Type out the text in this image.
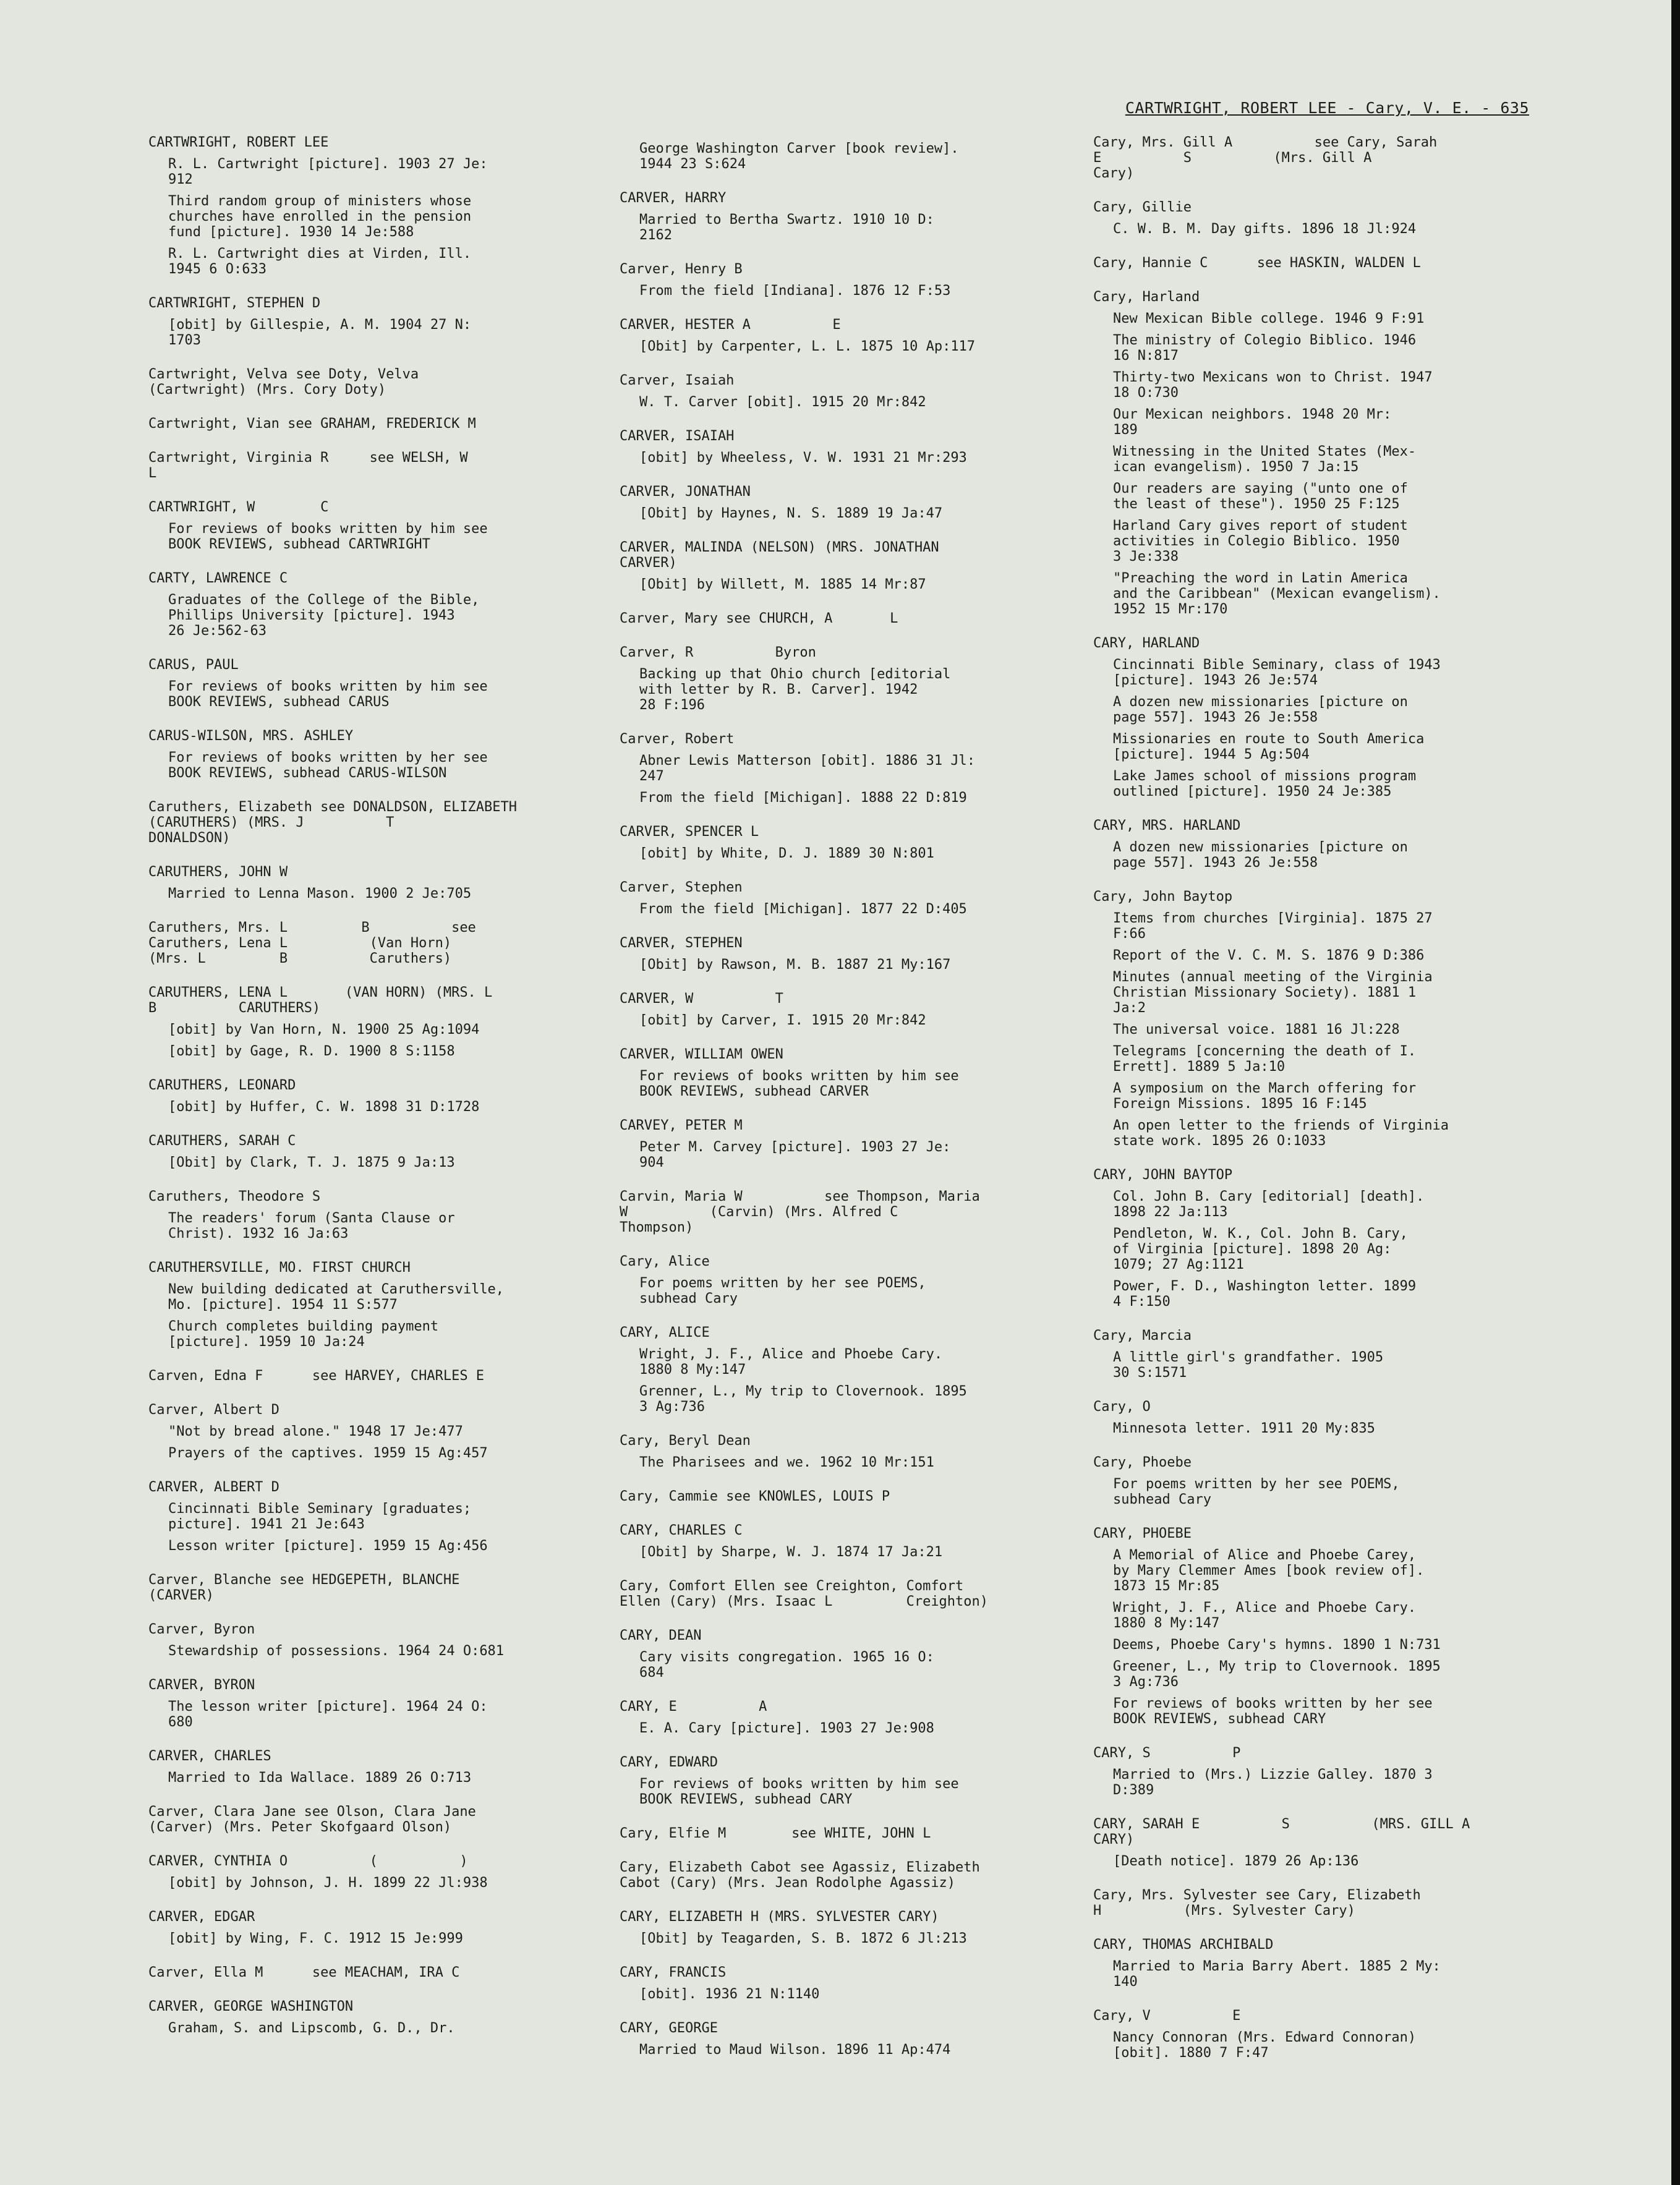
CARTWRIGHT, ROBERT LEE - Cary, V. E. - 635
CARTWRIGHT, ROBERT LEE
R. L. Cartwright [picture]. 1903 27 Je:
912
Third random group of ministers whose
churches have enrolled in the pension
fund [picture]. 1930 14 Je:588
R. L. Cartwright dies at Virden, Ill.
1945 6 O:633
CARTWRIGHT, STEPHEN D
[obit] by Gillespie, A. M. 1904 27 N:
1703
Cartwright, Velva see Doty, Velva
(Cartwright) (Mrs. Cory Doty)
Cartwright, Vian see GRAHAM, FREDERICK M
Cartwright, Virginia R     see WELSH, W
L
CARTWRIGHT, W        C
For reviews of books written by him see
BOOK REVIEWS, subhead CARTWRIGHT
CARTY, LAWRENCE C
Graduates of the College of the Bible,
Phillips University [picture]. 1943
26 Je:562-63
CARUS, PAUL
For reviews of books written by him see
BOOK REVIEWS, subhead CARUS
CARUS-WILSON, MRS. ASHLEY
For reviews of books written by her see
BOOK REVIEWS, subhead CARUS-WILSON
Caruthers, Elizabeth see DONALDSON, ELIZABETH
(CARUTHERS) (MRS. J          T
DONALDSON)
CARUTHERS, JOHN W
Married to Lenna Mason. 1900 2 Je:705
Caruthers, Mrs. L         B          see
Caruthers, Lena L          (Van Horn)
(Mrs. L         B          Caruthers)
CARUTHERS, LENA L       (VAN HORN) (MRS. L
B          CARUTHERS)
[obit] by Van Horn, N. 1900 25 Ag:1094
[obit] by Gage, R. D. 1900 8 S:1158
CARUTHERS, LEONARD
[obit] by Huffer, C. W. 1898 31 D:1728
CARUTHERS, SARAH C
[Obit] by Clark, T. J. 1875 9 Ja:13
Caruthers, Theodore S
The readers' forum (Santa Clause or
Christ). 1932 16 Ja:63
CARUTHERSVILLE, MO. FIRST CHURCH
New building dedicated at Caruthersville,
Mo. [picture]. 1954 11 S:577
Church completes building payment
[picture]. 1959 10 Ja:24
Carven, Edna F      see HARVEY, CHARLES E
Carver, Albert D
"Not by bread alone." 1948 17 Je:477
Prayers of the captives. 1959 15 Ag:457
CARVER, ALBERT D
Cincinnati Bible Seminary [graduates;
picture]. 1941 21 Je:643
Lesson writer [picture]. 1959 15 Ag:456
Carver, Blanche see HEDGEPETH, BLANCHE
(CARVER)
Carver, Byron
Stewardship of possessions. 1964 24 O:681
CARVER, BYRON
The lesson writer [picture]. 1964 24 O:
680
CARVER, CHARLES
Married to Ida Wallace. 1889 26 O:713
Carver, Clara Jane see Olson, Clara Jane
(Carver) (Mrs. Peter Skofgaard Olson)
CARVER, CYNTHIA O          (          )
[obit] by Johnson, J. H. 1899 22 Jl:938
CARVER, EDGAR
[obit] by Wing, F. C. 1912 15 Je:999
Carver, Ella M      see MEACHAM, IRA C
CARVER, GEORGE WASHINGTON
Graham, S. and Lipscomb, G. D., Dr.
George Washington Carver [book review].
1944 23 S:624
CARVER, HARRY
Married to Bertha Swartz. 1910 10 D:
2162
Carver, Henry B
From the field [Indiana]. 1876 12 F:53
CARVER, HESTER A          E
[Obit] by Carpenter, L. L. 1875 10 Ap:117
Carver, Isaiah
W. T. Carver [obit]. 1915 20 Mr:842
CARVER, ISAIAH
[obit] by Wheeless, V. W. 1931 21 Mr:293
CARVER, JONATHAN
[Obit] by Haynes, N. S. 1889 19 Ja:47
CARVER, MALINDA (NELSON) (MRS. JONATHAN
CARVER)
[Obit] by Willett, M. 1885 14 Mr:87
Carver, Mary see CHURCH, A       L
Carver, R          Byron
Backing up that Ohio church [editorial
with letter by R. B. Carver]. 1942
28 F:196
Carver, Robert
Abner Lewis Matterson [obit]. 1886 31 Jl:
247
From the field [Michigan]. 1888 22 D:819
CARVER, SPENCER L
[obit] by White, D. J. 1889 30 N:801
Carver, Stephen
From the field [Michigan]. 1877 22 D:405
CARVER, STEPHEN
[Obit] by Rawson, M. B. 1887 21 My:167
CARVER, W          T
[obit] by Carver, I. 1915 20 Mr:842
CARVER, WILLIAM OWEN
For reviews of books written by him see
BOOK REVIEWS, subhead CARVER
CARVEY, PETER M
Peter M. Carvey [picture]. 1903 27 Je:
904
Carvin, Maria W          see Thompson, Maria
W          (Carvin) (Mrs. Alfred C
Thompson)
Cary, Alice
For poems written by her see POEMS,
subhead Cary
CARY, ALICE
Wright, J. F., Alice and Phoebe Cary.
1880 8 My:147
Grenner, L., My trip to Clovernook. 1895
3 Ag:736
Cary, Beryl Dean
The Pharisees and we. 1962 10 Mr:151
Cary, Cammie see KNOWLES, LOUIS P
CARY, CHARLES C
[Obit] by Sharpe, W. J. 1874 17 Ja:21
Cary, Comfort Ellen see Creighton, Comfort
Ellen (Cary) (Mrs. Isaac L         Creighton)
CARY, DEAN
Cary visits congregation. 1965 16 O:
684
CARY, E          A
E. A. Cary [picture]. 1903 27 Je:908
CARY, EDWARD
For reviews of books written by him see
BOOK REVIEWS, subhead CARY
Cary, Elfie M        see WHITE, JOHN L
Cary, Elizabeth Cabot see Agassiz, Elizabeth
Cabot (Cary) (Mrs. Jean Rodolphe Agassiz)
CARY, ELIZABETH H (MRS. SYLVESTER CARY)
[Obit] by Teagarden, S. B. 1872 6 Jl:213
CARY, FRANCIS
[obit]. 1936 21 N:1140
CARY, GEORGE
Married to Maud Wilson. 1896 11 Ap:474
Cary, Mrs. Gill A          see Cary, Sarah
E          S          (Mrs. Gill A
Cary)
Cary, Gillie
C. W. B. M. Day gifts. 1896 18 Jl:924
Cary, Hannie C      see HASKIN, WALDEN L
Cary, Harland
New Mexican Bible college. 1946 9 F:91
The ministry of Colegio Biblico. 1946
16 N:817
Thirty-two Mexicans won to Christ. 1947
18 O:730
Our Mexican neighbors. 1948 20 Mr:
189
Witnessing in the United States (Mex-
ican evangelism). 1950 7 Ja:15
Our readers are saying ("unto one of
the least of these"). 1950 25 F:125
Harland Cary gives report of student
activities in Colegio Biblico. 1950
3 Je:338
"Preaching the word in Latin America
and the Caribbean" (Mexican evangelism).
1952 15 Mr:170
CARY, HARLAND
Cincinnati Bible Seminary, class of 1943
[picture]. 1943 26 Je:574
A dozen new missionaries [picture on
page 557]. 1943 26 Je:558
Missionaries en route to South America
[picture]. 1944 5 Ag:504
Lake James school of missions program
outlined [picture]. 1950 24 Je:385
CARY, MRS. HARLAND
A dozen new missionaries [picture on
page 557]. 1943 26 Je:558
Cary, John Baytop
Items from churches [Virginia]. 1875 27
F:66
Report of the V. C. M. S. 1876 9 D:386
Minutes (annual meeting of the Virginia
Christian Missionary Society). 1881 1
Ja:2
The universal voice. 1881 16 Jl:228
Telegrams [concerning the death of I.
Errett]. 1889 5 Ja:10
A symposium on the March offering for
Foreign Missions. 1895 16 F:145
An open letter to the friends of Virginia
state work. 1895 26 O:1033
CARY, JOHN BAYTOP
Col. John B. Cary [editorial] [death].
1898 22 Ja:113
Pendleton, W. K., Col. John B. Cary,
of Virginia [picture]. 1898 20 Ag:
1079; 27 Ag:1121
Power, F. D., Washington letter. 1899
4 F:150
Cary, Marcia
A little girl's grandfather. 1905
30 S:1571
Cary, O
Minnesota letter. 1911 20 My:835
Cary, Phoebe
For poems written by her see POEMS,
subhead Cary
CARY, PHOEBE
A Memorial of Alice and Phoebe Carey,
by Mary Clemmer Ames [book review of].
1873 15 Mr:85
Wright, J. F., Alice and Phoebe Cary.
1880 8 My:147
Deems, Phoebe Cary's hymns. 1890 1 N:731
Greener, L., My trip to Clovernook. 1895
3 Ag:736
For reviews of books written by her see
BOOK REVIEWS, subhead CARY
CARY, S          P
Married to (Mrs.) Lizzie Galley. 1870 3
D:389
CARY, SARAH E          S          (MRS. GILL A
CARY)
[Death notice]. 1879 26 Ap:136
Cary, Mrs. Sylvester see Cary, Elizabeth
H          (Mrs. Sylvester Cary)
CARY, THOMAS ARCHIBALD
Married to Maria Barry Abert. 1885 2 My:
140
Cary, V          E
Nancy Connoran (Mrs. Edward Connoran)
[obit]. 1880 7 F:47
